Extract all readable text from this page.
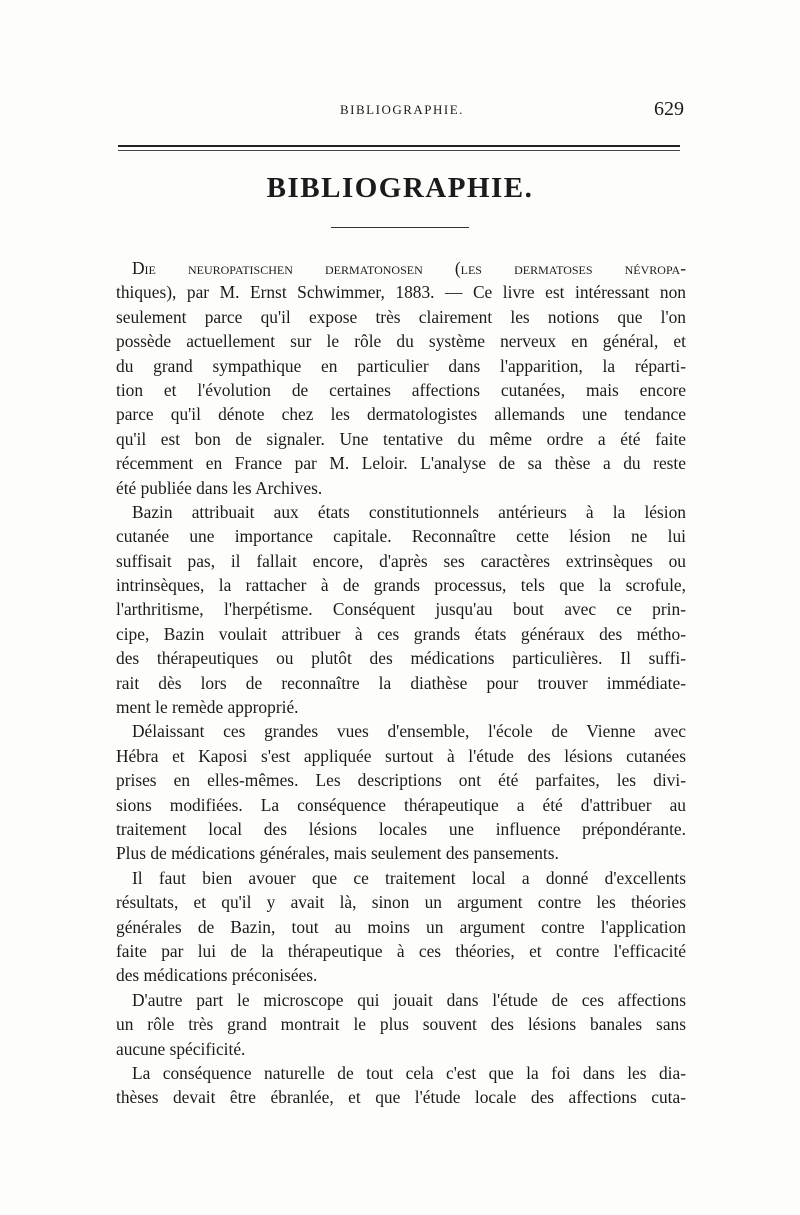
BIBLIOGRAPHIE.	629
BIBLIOGRAPHIE.
Die neuropatischen dermatonosen (les dermatoses névropa-
thiques), par M. Ernst Schwimmer, 1883. — Ce livre est intéressant non
seulement parce qu'il expose très clairement les notions que l'on
possède actuellement sur le rôle du système nerveux en général, et
du grand sympathique en particulier dans l'apparition, la réparti-
tion et l'évolution de certaines affections cutanées, mais encore
parce qu'il dénote chez les dermatologistes allemands une tendance
qu'il est bon de signaler. Une tentative du même ordre a été faite
récemment en France par M. Leloir. L'analyse de sa thèse a du reste
été publiée dans les Archives.
Bazin attribuait aux états constitutionnels antérieurs à la lésion
cutanée une importance capitale. Reconnaître cette lésion ne lui
suffisait pas, il fallait encore, d'après ses caractères extrinsèques ou
intrinsèques, la rattacher à de grands processus, tels que la scrofule,
l'arthritisme, l'herpétisme. Conséquent jusqu'au bout avec ce prin-
cipe, Bazin voulait attribuer à ces grands états généraux des métho-
des thérapeutiques ou plutôt des médications particulières. Il suffi-
rait dès lors de reconnaître la diathèse pour trouver immédiate-
ment le remède approprié.
Délaissant ces grandes vues d'ensemble, l'école de Vienne avec
Hébra et Kaposi s'est appliquée surtout à l'étude des lésions cutanées
prises en elles-mêmes. Les descriptions ont été parfaites, les divi-
sions modifiées. La conséquence thérapeutique a été d'attribuer au
traitement local des lésions locales une influence prépondérante.
Plus de médications générales, mais seulement des pansements.
Il faut bien avouer que ce traitement local a donné d'excellents
résultats, et qu'il y avait là, sinon un argument contre les théories
générales de Bazin, tout au moins un argument contre l'application
faite par lui de la thérapeutique à ces théories, et contre l'efficacité
des médications préconisées.
D'autre part le microscope qui jouait dans l'étude de ces affections
un rôle très grand montrait le plus souvent des lésions banales sans
aucune spécificité.
La conséquence naturelle de tout cela c'est que la foi dans les dia-
thèses devait être ébranlée, et que l'étude locale des affections cuta-
